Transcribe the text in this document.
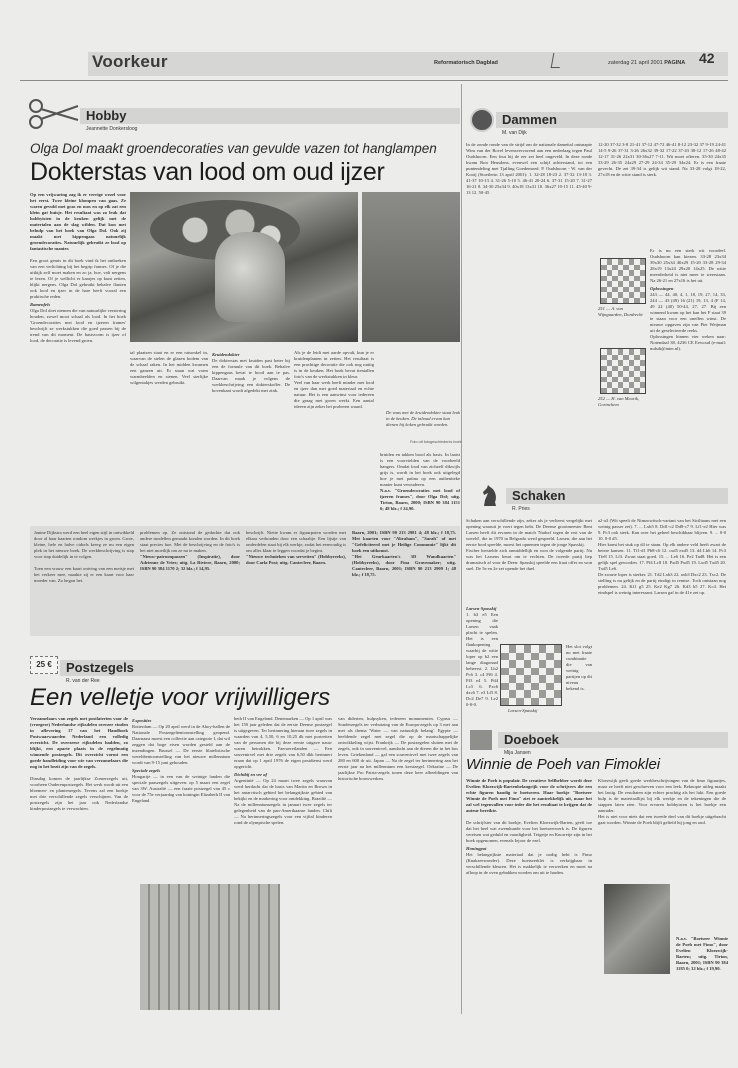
Voorkeur	Reformatorisch Dagblad	zaterdag 21 april 2001 PAGINA 42
Hobby
Jeannette Donkersloog
Olga Dol maakt groendecoraties van gevulde vazen tot hanglampen
Dokterstas van lood om oud ijzer
Op een vrijwaring zag ik er verrige wezel voor het eerst. Twee kleine klompen van gaas. Ze waren gevuld met gras en mos en op elk zat een klein gat huisje. Het resultaat was zo leuk dat hobbyisten in de keuken gelijk met de materialen aan de slag wilden. Dat kon met behulp van het boek van Olga Dol. Ook zij maakt met kippengaas natuurlijk groendecoraties. Natuurlijk gebruikt ze lood op fantastische manier.

Een groot gemis in dit boek vind ik het ontbreken van een verlichting bij het begrip frames. Of je die uitkijk zelf moet maken en zo ja, hoe, valt nergens te lezen. Of je wellicht er kaarjes op kunt zetten, blijkt nergens. Olga Dol gebruikt behalve flanten ook lood en ijzer in de hare heeft vooral een praktische reden.
Ramenfels
Olga Dol doet niemen die van natuurlijke versiering houden, zowel mooi schaal als lood. In het boek 'Groendecoraties met lood en ijzeren frames' beschrijft ze werkstukken die goed passen bij de trend van dit moment. De basisvorm is ijzer of lood, de decoratie is levend groen.
De vaas met de kruidendokter staat leuk in de keuken. De inhoud ervan kan dienen bij koken gebruikt worden.
Foto uit fotogeschiedenis boek
tal plaatsen staat en er een ratsonkel in, waarvan de stelen de glazen bodem van de schaal raken. In het midden kwamen een ganzen uit. Er staan wat vorm warmbeelden en stenen. Veel sierlijke wilgentakjes werden gebruikt.
Kruidendokter
De dokterstas met kruiden past beter bij een de formule van dit boek. Behalve kippengaas bevat ie bood aan te pas. Daarvan maak je volgens de werkbeschrijving een dokterskoffer. De bovenkant wordt afgedekt met zink.
Als je de leidt met aarde opvult, kun je er kruidenplanten in zetten. Het resultaat is een prachtige decoratie die ook nog nuttig is in de keuken. Het boek bevat tientallen foto's van de werkstukken in kleur.
Veel van haar werk heeft minder met lood en ijzer dan met goed materiaal en echte natuur. Het is een aanwinst voor iedereen die graag met groen werkt. Een aantal ideeen zijn zeker het proberen waard.
bruiden en takken bood als basis. In laatst is een voorvielden van de voorbeeld hangers. Omdat lood van zichzelf dikwijls grijs is, wordt in het boek ook uitgelegd hoe je met patina op een authentieke manier kunt verouderen.
N.a.v. "Groendecoraties met lood of ijzeren frames", door Olga Dol; uitg. Tirion, Baarn, 2000; ISBN 90 384 1151 6; 48 blz.; f 24,90.
Janine Dijkstra werd een heel eigen stijl in ontwikkeld door al haar kaarten rondom werkjes in groen. Grote, kleine, hele en halve cirkels kreeg ze nu een eigen plek in het nieuwe boek. De werkbeschrijving is stap voor stap duidelijk in te volgen.

Toen een vrouw een kaart ontving van een meisje met het verkeer mee, maakte zij er een kaart voor haar moeder van. Zo begon het.
problemen op. Ze ontstond de gedachte dat ook andere modellen gemaakt konden worden. In dit boek staat precies hoe. Met de beschrijving en de foto's is het niet moeilijk om ze na te maken.
"Nieuw-patroonpassen" (Inspiratie), door Adrienne de Vries; uitg. La Riviere, Baarn, 2000; ISBN 90 384 1170 2; 32 blz.; f 14,95.
beschrijft. Niette kwam er figuurpoten worden met elkaar verbonden door een schaaltje. Een lijstje van onderdelen staat bij elk werkje, zodat het eenvoudig is om alles klaar te leggen voordat je begint.
"Nieuwe technieken van servetten" (Hobbyreeks), door Carla Post; uitg. Cantecleer, Baarn.
Baarn, 2001; ISBN 90 213 2981 4; 48 blz.; f 18,75. Met kaarten voor "Abraham", "Sarah" of met "Gefeliciteerd met je Heilige Communie" lijkt dit boek een uitkomst.
"Het Geurkaarten's 3D Wandkaarten" (Hobbyreeks), door Fina Gravemaker; uitg. Cantecleer, Baarn, 2001; ISBN 90 213 2909 1; 48 blz.; f 18,75.
25 €	Postzegels
R. van der Ree
Een velletje voor vrijwilligers
Verzamelaars van zegels met postlaterien voor de (vroegere) Nederlandse rijksdelen overzee vinden in aflevering 17 van het Handboek Postwaarwaarden Nederland een volledig overzicht. De overzeese rijksdelen hadden, zo blijkt, een aparte plaats in de regelmatig winnende postzegels. Dit overzicht vormt een goede handleiding voor wie van verzamelaars die nog in het bezit zijn van de zegels.

Dinsdag komen de jaarlijkse Zomerzegels uit, voorheen Ouderenpostzegels. Het werk wordt uit een bloemen- en plantenregels. Tevens zal een boekje met drie verschillende zegels verschijnen. Van de postzegels zijn het jaar ook Nederlandse kinderpostzegels te verwachten.
Exposities
Rotterdam — Op 20 april werd in de Ahoy-hallen de Nationale Postzegeltentoonstelling geopend. Daarnaast moest een collectie aan categorie I, dat wil zeggen dat hoge eisen worden gesteld aan de inzendingen. Brussel — De eerste filatelistische wereldtentoonstelling van het nieuwe millennium wordt van 9-15 juni gehouden.
Speciale zegels
Hongarije — in een van de weinige landen die speciale paaszegels uitgeven: op 5 maart een zegel van 3W. Australië — een fraaie postzegel van 45 c voor de 75e verjaardag van koningin Elizabeth II van Engeland.
beth II van Engeland. Denemarken — Op 1 april was het 150 jaar geleden dat de eerste Deense postzegel is uitgegeven. Ter herinnering hieraan twee zegels in waarden van 4, 5,50, 6 en 10,25 dk met portretten van de personen die bij deze eerste uitgave nauw waren betrokken. Faeroereilanden — Een souvenirvel met drie zegels van 6,50 dkk herinnert eraan dat op 1 april 1976 de eigen postdienst werd opgericht.
Dichtbij en ver af
Argentinië — Op 24 maart twee zegels waarvan werd herdacht dat de basis van Martin en Brown in het antarctisch gebied het belangrijkste gebied van bekijkt en de markering voor ontdekking. Brazilië — Na de millenniumzegels in januari twee zegels ter gelegenheid van de pan-Amerikaanse landen. Chili — Na herinneringszegels voor een vijftal kinderen rond de olympische spelen.
van diderten, hulpsyken, iedereen monumenten. Cyprus — Sonderzegels ter verhuizing van de Europa-zegels op 3 mei aan met als thema 'Water — van natuurlijk belang'. Egypte — beeldende zegel met zegel die op de maatschappelijke ontwikkeling wijst. Frankrijk — De postzegelen sluiten met de zegels, ook in souvenirvel, aandacht aan de dieren die in het bos leven. Griekenland — gaf een souvenirvel met twee zegels van 280 en 600 dr uit. Japan — Na de zegel ter herinnering aan het eerste jaar na het millennium een kerstzegel. Oekraïne — De jaarlijkse Pro Patria-zegels tonen deze keer afbeeldingen van historische bouwwerken.
Dammen
M. van Dijk
In de zonde ronde van de strijd om de nationale dameital ontsnapte Wim van der Rovel levensvervorend aan een nederlaag tegen Paul Oudshoorn. Een fout bij de eer zet heel ongeveld. In deze ronde kwam Ron Heusdens, evenwel een schijf achterstand, tot een puntendeling met Tjalling Goedemoed. P. Oudshoorn - W. van der Kooij (Stoetlerin 13 april 2001): 1. 32-28 18-23 2. 37-32 13-18 3. 41-37 10-13 4. 31-26 5-10 5. 46-41 20-24 6. 37-31 15-20 7. 31-27 16-21 8. 34-30 25x34 9. 40x18 13x31 10. 36x27 10-15 11. 45-40 9-13 12. 50-45
12-20 37-32 3-8 21-41 37-12 47-72 46-41 8-12 23-32 37 9-19 24-41 14-5 9-26 37-31 3-26 26x32 39-32 17-22 37-43 38-12 17-26 48-42 12-17 31-26 22x31 30-36x27 7-11. Wit moet offeren. 35-30 24x35 33-29 26-35 24x29 27-29 24-34 35-29 34x24. Er is een fraaie gevecht. De zet 39-34 is gelijk wit stand. Na 33-28 volgt 18-22, 27x18 en de witte stand is sterk.
251 — A. van Wijngaarden, Dordrecht
252 — H. van Meurik, Gorinchem
Er is nu een sterk wit voordeel. Oudshoorn kan kiezen. 33-28 23x34 39x30 25x34 40x29 15-20 33-28 29-34 28x19 13x24 29x20 14x25. De witte meerderheid is niet meer te weerstaan. Na 26-21 en 27x16 is het uit.
Oplossingen
243 — 44, 40, 4, 1, 18, 19, 27, 14, 33, 244 — 43 (49) 16 (21) 19, 13, 4 (F 14, 49 22 (40) 50-44, 27, 27. Bij een winnend kwam op het kan het F staat 39 te staan voor een oneffen winst. De nieuwe opgaven zijn van Piet Weijman uit de geselecteerde reeks.
Oplossingen binnen vier weken naar: Notendaal 38, 4236 CE Eewoud (e-mail: mdsdi@inter.nl).
Schaken
R. Pries
Schaken aan verschillende zijn, zeker als je verlieest vergelijkt met opening waaruit je voert tegen hebt. De Deense grootmeester Bent Larsen heeft dit ervaren in de match 'Nadorf tegen de rest van de wereld', die in 1970 in Belgrado werd gespeeld. Larsen, die aan het eerste bord speelde, moest het opnemen tegen de jonge Spasskij.
Fischer herstelde zich onmiddellijk en won de volgende partij. Nu was het Larsens beurt om te vechten. De tweede partij liep dramatisch af voor de Deen: Spasskij speelde een fraai offer en won snel. De 5e en 2e zet opende het duel.
Larsen-Spasskij
Larsen-Spasskij
1. b3 e5 Een opening die Larsen vaak placht te spelen. Het is een flankopening waarbij de witte loper op b2 een lange diagonaal beheerst. 2. Lb2 Pc6 3. c4 Pf6 4. Pf3 e4 5. Pd4 Lc5 6. Pxc6 dxc6 7. e3 Lf5 8. Dc2 De7 9. Le2 0-0-0.
Het slot volgt nu met fraaie combinatie die van weinig partijen op dit niveau bekend is.
a2-a3 (Wit speelt de Nimzowitsch-variant van het Siciliaans met een weinig passer zet). 7. ... Lxb5 8. Dd1-c2 Dd8-c7 9. Lf1-e2 Hier was 9. Pc3 ook sterk. Kan over het geheel beschikbaar blijven. 9. ... 0-0 10. 0-0 d5.
Hier komt het stuk op d4 te staan. Op elk andere veld heeft zwart de betere kansen. 11. Tf1-d1 Pb8-c6 12. cxd5 exd5 13. d4 Lb6 14. Pc3 Tfe8 15. Lf3. Zwart staat goed. 15. ... Le6 16. Pe2 Tad8. Het is een gelijk spel geworden. 17. Pf4 Lc8 18. Pxd5 Pxd5 19. Lxd5 Txd5 20. Txd5 Le6.
De zwarte loper is sterker. 21. Td2 Lxb3 22. axb3 Dxc2 23. Txc2. De stelling is nu gelijk en de partij eindigt in remise. Toch ontstaan nog problemen. 24. Kf1 g5 25. Ke2 Kg7 26. Kd3 h5 27. Kc4. Het eindspel is weinig interessant. Larsen gaf in de 41e zet op.
Doeboek
Mija Jansen
Winnie de Poeh van Fimoklei
Winnie de Poeh is populair. De creatieve Selfhebber wordt deze Evelien Kloezwijk-Bartenbelangrijk voor de schrijvers die een echte figuren handig te boetseren. Haar boekje "Boetseer Winnie de Poeh met Fimo" ziet er aantrekkelijk uit, maar het zal wel tegenvallen voor ieder die het resultaat te krijgen dat de auteur bereikte.

De schrijfster van dit boekje, Evelien Kloezwijk-Barten, geeft toe dat het heel wat zwemkunde voor het boetseerwerk is. De figuren vereisen wat geduld en vaardigheid. Teigetje en Knorretje zijn in het boek opgenomen, evenals Iejoor de ezel.
Honingpot
Het belangrijkste materiaal dat je nodig hebt is Fimo (Knakzeewonder). Deze boetseerklei is verkrijgbaar in verschillende kleuren. Het is makkelijk te verwerken en moet na afloop in de oven gebakken worden om uit te harden.
Kloezwijk geeft goede werkbeschrijvingen van de fimo figuurtjes, maar ze heeft niet geschreven voor een leek. Beknopte uitleg maakt het lastig. De resultaten zijn echter prachtig als het lukt. Een goede hulp is de materiaallijst bij elk werkje en de tekeningen die de stappen laten zien. Voor ervaren hobbyisten is het boekje een aanrader.
Het is niet voor niets dat een tweede deel van dit boekje uitgebracht gaat worden. Winnie de Poeh blijft geliefd bij jong en oud.
N.a.v. "Boetseer Winnie de Poeh met Fimo", door Evelien Kloezwijk-Barten; uitg. Tirion, Baarn, 2001; ISBN 90 384 1185 0; 32 blz.; f 19,90.
